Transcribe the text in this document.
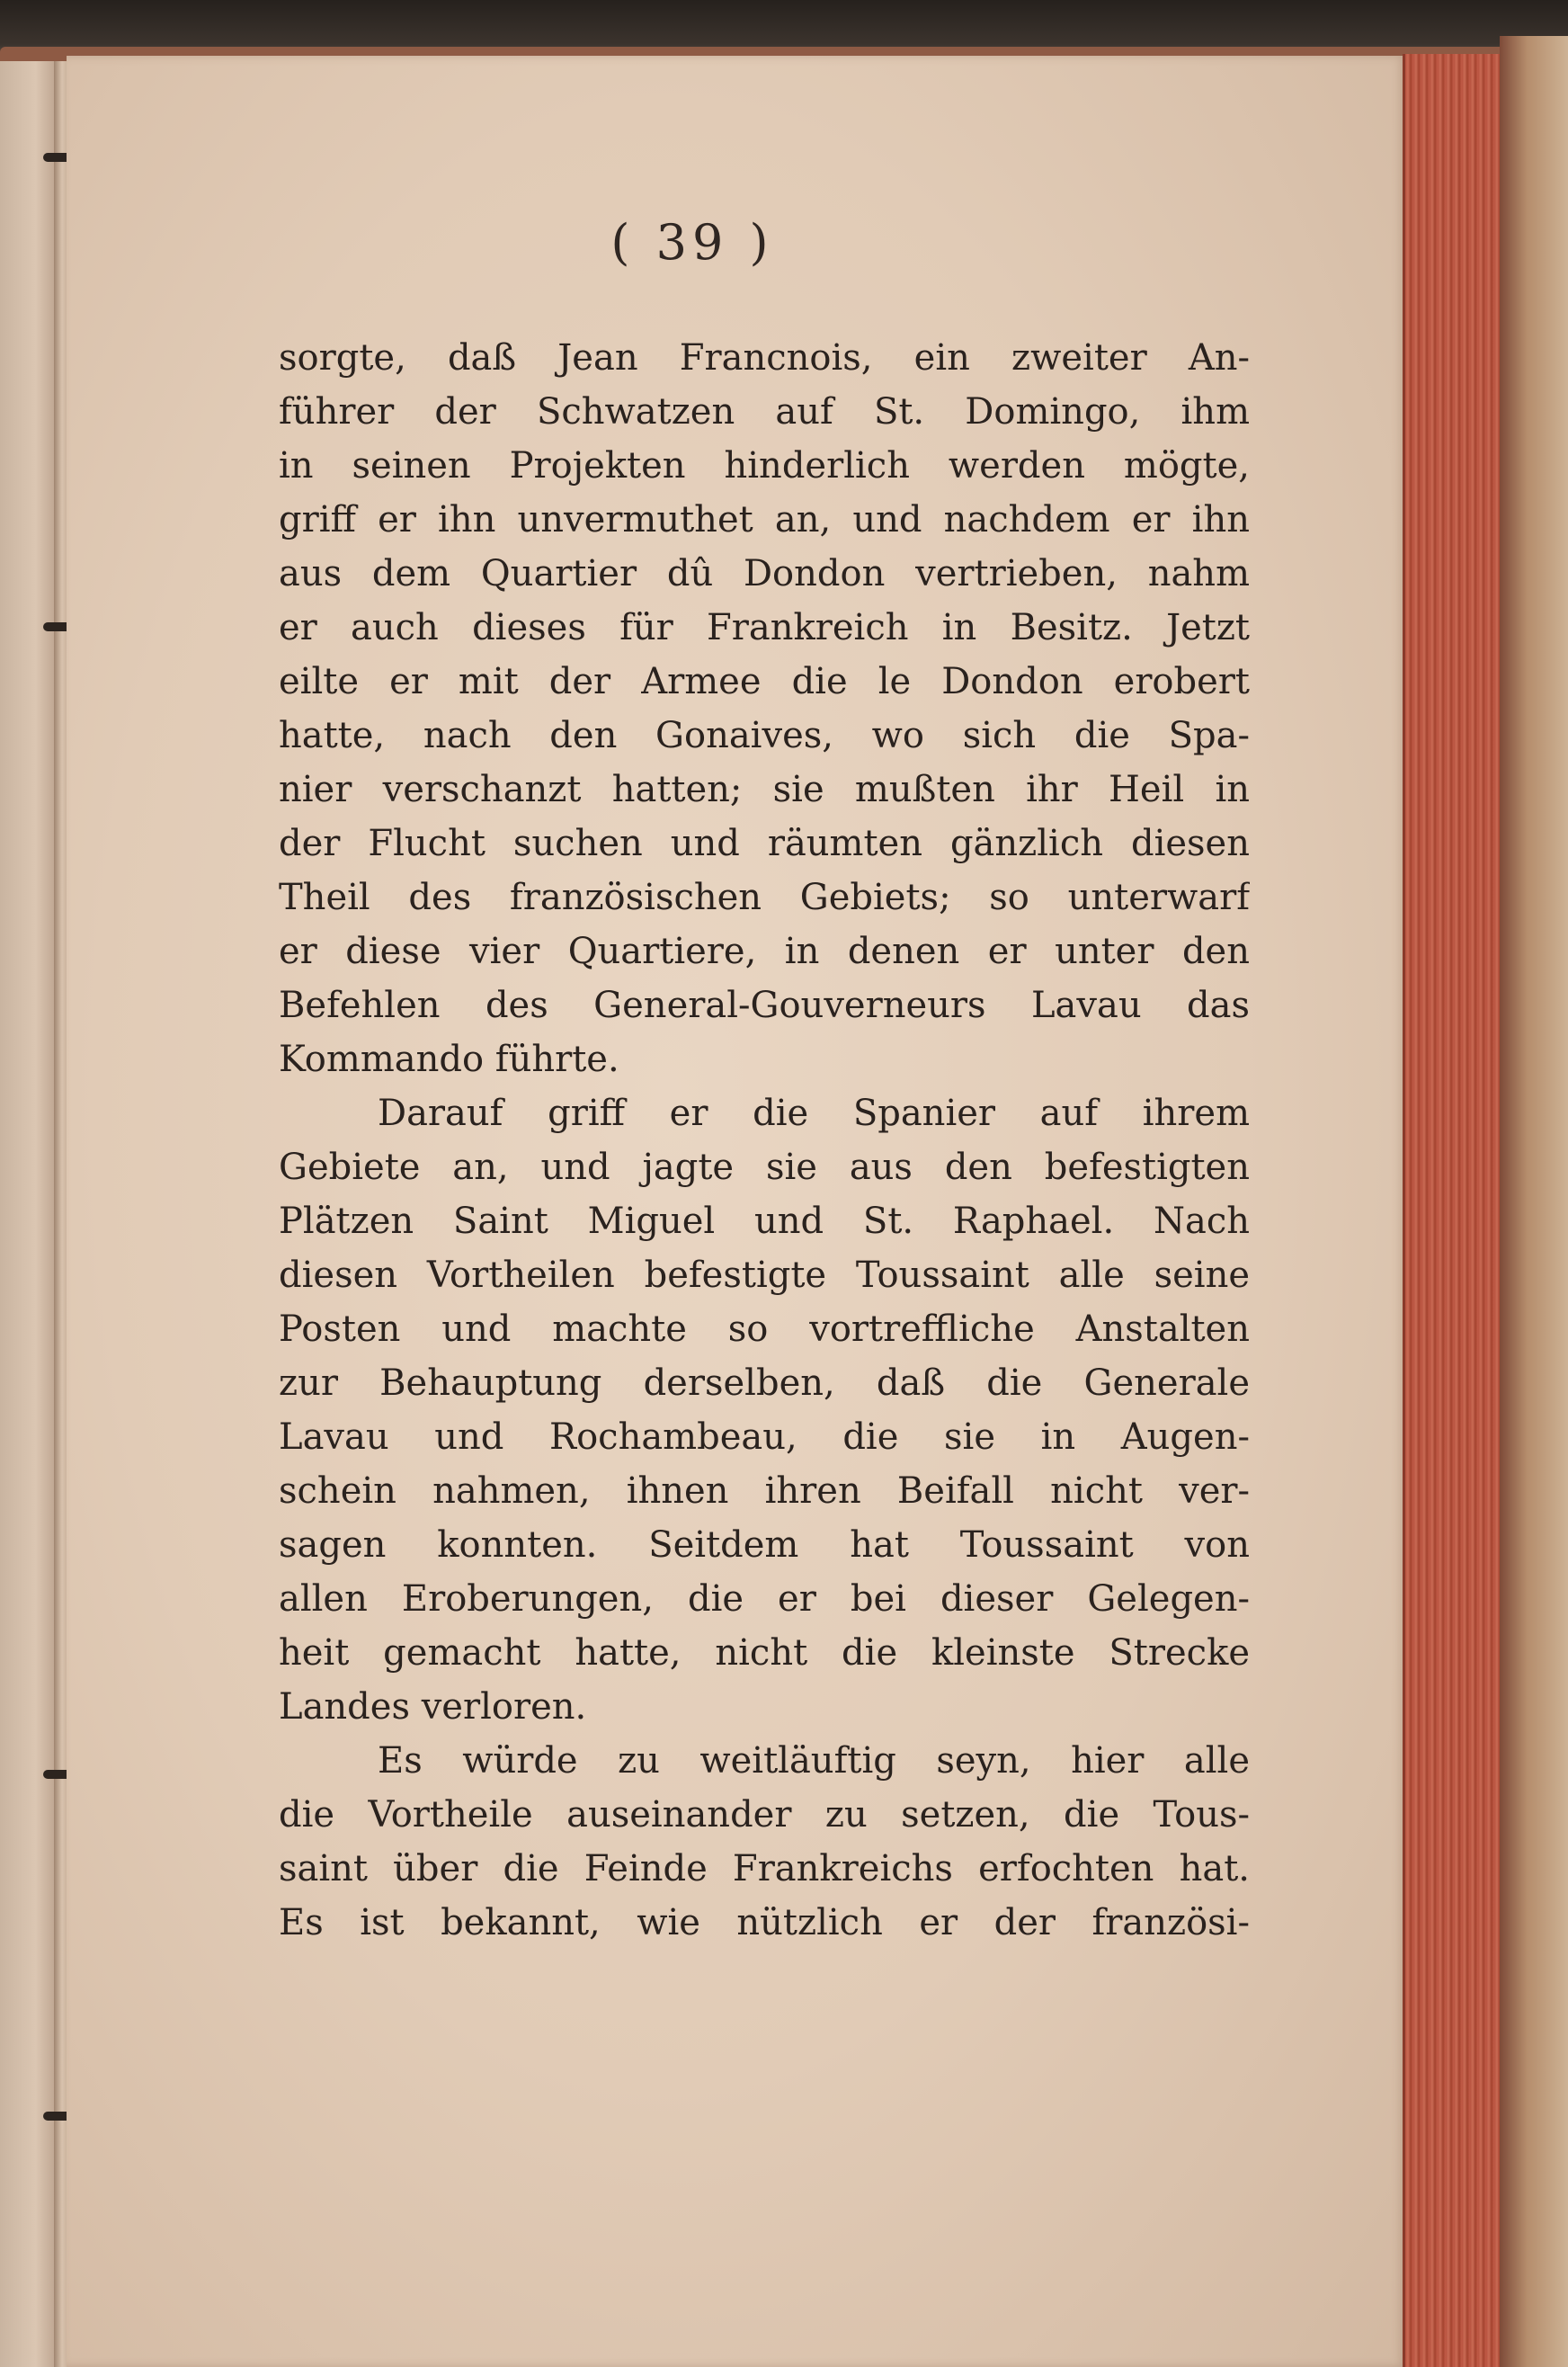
( 39 )
sorgte, daß Jean Francnois, ein zweiter An-
führer der Schwatzen auf St. Domingo, ihm
in seinen Projekten hinderlich werden mögte,
griff er ihn unvermuthet an, und nachdem er ihn
aus dem Quartier dû Dondon vertrieben, nahm
er auch dieses für Frankreich in Besitz. Jetzt
eilte er mit der Armee die le Dondon erobert
hatte, nach den Gonaives, wo sich die Spa-
nier verschanzt hatten; sie mußten ihr Heil in
der Flucht suchen und räumten gänzlich diesen
Theil des französischen Gebiets; so unterwarf
er diese vier Quartiere, in denen er unter den
Befehlen des General-Gouverneurs Lavau das
Kommando führte.
Darauf griff er die Spanier auf ihrem
Gebiete an, und jagte sie aus den befestigten
Plätzen Saint Miguel und St. Raphael. Nach
diesen Vortheilen befestigte Toussaint alle seine
Posten und machte so vortreffliche Anstalten
zur Behauptung derselben, daß die Generale
Lavau und Rochambeau, die sie in Augen-
schein nahmen, ihnen ihren Beifall nicht ver-
sagen konnten. Seitdem hat Toussaint von
allen Eroberungen, die er bei dieser Gelegen-
heit gemacht hatte, nicht die kleinste Strecke
Landes verloren.
Es würde zu weitläuftig seyn, hier alle
die Vortheile auseinander zu setzen, die Tous-
saint über die Feinde Frankreichs erfochten hat.
Es ist bekannt, wie nützlich er der französi-
